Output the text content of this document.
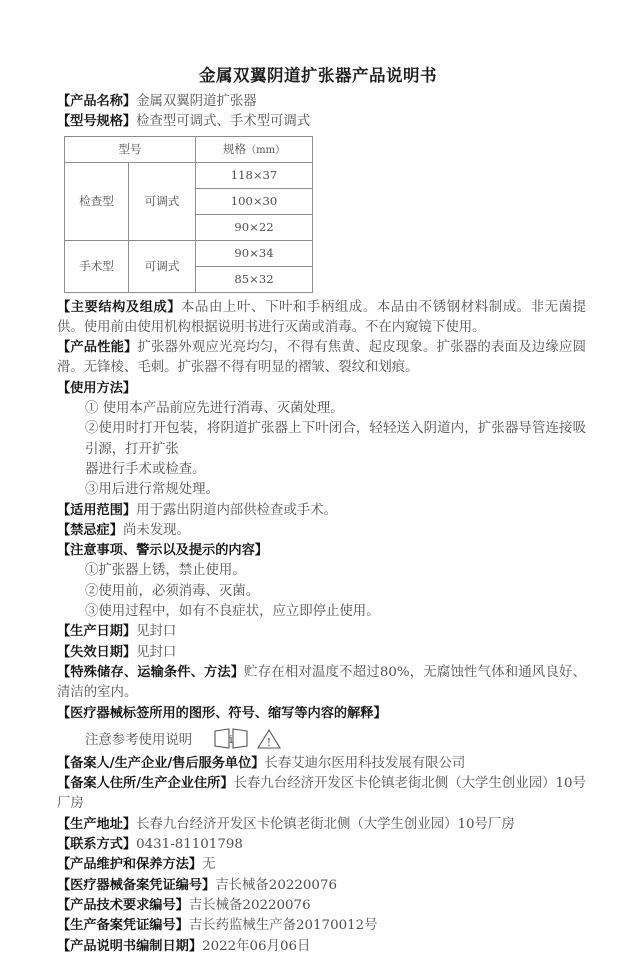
金属双翼阴道扩张器产品说明书

【产品名称】金属双翼阴道扩张器

【型号规格】检查型可调式、手术型可调式

型号		规格（mm）
检查型	可调式	118×37
		100×30
		90×22
手术型	可调式	90×34
		85×32

【主要结构及组成】本品由上叶、下叶和手柄组成。本品由不锈钢材料制成。非无菌提供。使用前由使用机构根据说明书进行灭菌或消毒。不在内窥镜下使用。

【产品性能】扩张器外观应光亮均匀，不得有焦黄、起皮现象。扩张器的表面及边缘应圆滑。无锋棱、毛刺。扩张器不得有明显的褶皱、裂纹和划痕。

【使用方法】

① 使用本产品前应先进行消毒、灭菌处理。

②使用时打开包装，将阴道扩张器上下叶闭合，轻轻送入阴道内，扩张器导管连接吸引源，打开扩张

器进行手术或检查。

③用后进行常规处理。

【适用范围】用于露出阴道内部供检查或手术。

【禁忌症】尚未发现。

【注意事项、警示以及提示的内容】

①扩张器上锈，禁止使用。

②使用前，必须消毒、灭菌。

③使用过程中，如有不良症状，应立即停止使用。

【生产日期】见封口

【失效日期】见封口

【特殊储存、运输条件、方法】贮存在相对温度不超过80%，无腐蚀性气体和通风良好、清洁的室内。

【医疗器械标签所用的图形、符号、缩写等内容的解释】

注意参考使用说明	i	!

【备案人/生产企业/售后服务单位】长春艾迪尔医用科技发展有限公司

【备案人住所/生产企业住所】长春九台经济开发区卡伦镇老街北侧（大学生创业园）10号厂房

【生产地址】长春九台经济开发区卡伦镇老街北侧（大学生创业园）10号厂房

【联系方式】0431-81101798

【产品维护和保养方法】无

【医疗器械备案凭证编号】吉长械备20220076

【产品技术要求编号】吉长械备20220076

【生产备案凭证编号】吉长药监械生产备20170012号

【产品说明书编制日期】2022年06月06日
